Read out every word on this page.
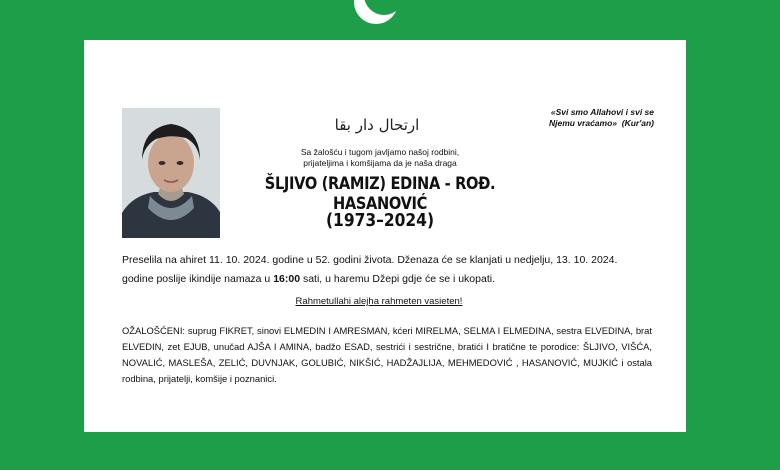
ارتحال دار بقا
«Svi smo Allahovi i svi se
Njemu vraćamo» (Kur'an)
Sa žalošću i tugom javljamo našoj rodbini,
prijateljima i komšijama da je naša draga
ŠLJIVO (RAMIZ) EDINA - ROĐ. HASANOVIĆ
(1973–2024)
Preselila na ahiret 11. 10. 2024. godine u 52. godini života. Dženaza će se klanjati u nedjelju, 13. 10. 2024.
godine poslije ikindije namaza u 16:00 sati, u haremu Džepi gdje će se i ukopati.
Rahmetullahi alejha rahmeten vasieten!
OŽALOŠĆENI: suprug FIKRET, sinovi ELMEDIN I AMRESMAN, kćeri MIRELMA, SELMA I ELMEDINA, sestra ELVEDINA, brat ELVEDIN, zet EJUB, unučad AJŠA I AMINA, badžo ESAD, sestrići i sestrične, bratići I bratične te porodice: ŠLJIVO, VIŠĆA, NOVALIĆ, MASLEŠA, ZELIĆ, DUVNJAK, GOLUBIĆ, NIKŠIĆ, HADŽAJLIJA, MEHMEDOVIĆ , HASANOVIĆ, MUJKIĆ i ostala rodbina, prijatelji, komšije i poznanici.
